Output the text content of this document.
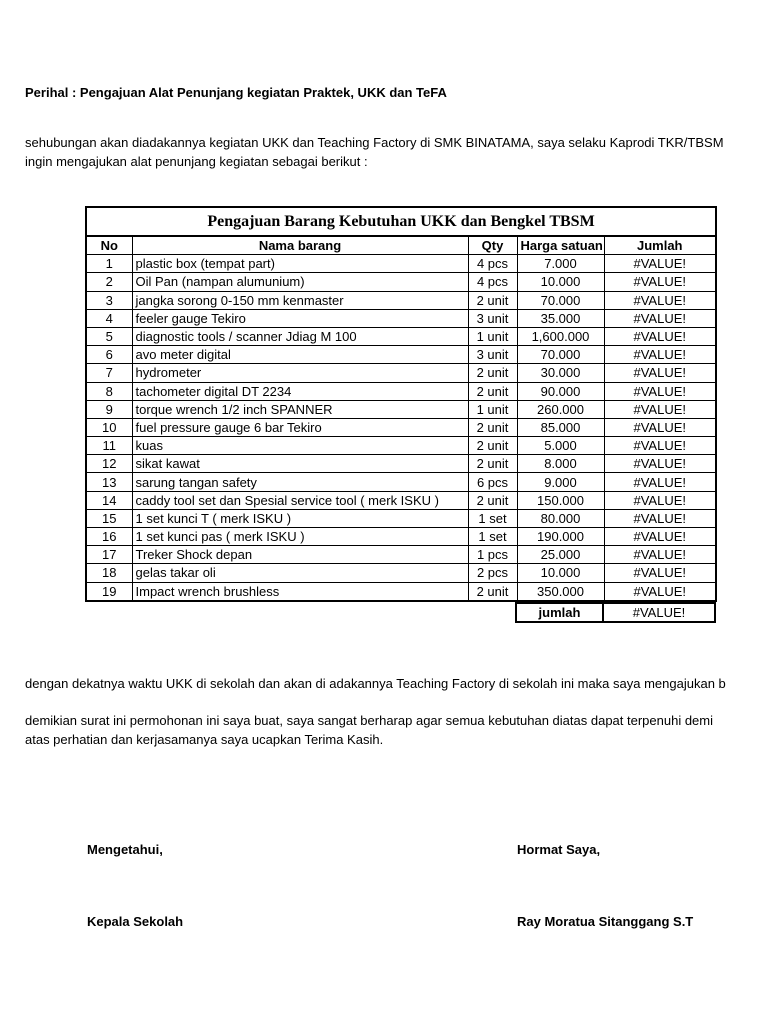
Perihal : Pengajuan Alat Penunjang kegiatan Praktek, UKK dan TeFA
sehubungan akan diadakannya kegiatan UKK dan Teaching Factory di SMK BINATAMA, saya selaku Kaprodi TKR/TBSM
ingin mengajukan alat penunjang kegiatan sebagai berikut :
Pengajuan Barang Kebutuhan UKK dan Bengkel TBSM
No	Nama barang	Qty	Harga satuan	Jumlah
1	plastic box (tempat part)	4 pcs	7.000	#VALUE!
2	Oil Pan (nampan alumunium)	4 pcs	10.000	#VALUE!
3	jangka sorong 0-150 mm kenmaster	2 unit	70.000	#VALUE!
4	feeler gauge Tekiro	3 unit	35.000	#VALUE!
5	diagnostic tools / scanner Jdiag M 100	1 unit	1,600.000	#VALUE!
6	avo meter digital	3 unit	70.000	#VALUE!
7	hydrometer	2 unit	30.000	#VALUE!
8	tachometer digital DT 2234	2 unit	90.000	#VALUE!
9	torque wrench 1/2 inch SPANNER	1 unit	260.000	#VALUE!
10	fuel pressure gauge 6 bar Tekiro	2 unit	85.000	#VALUE!
11	kuas	2 unit	5.000	#VALUE!
12	sikat kawat	2 unit	8.000	#VALUE!
13	sarung tangan safety	6 pcs	9.000	#VALUE!
14	caddy tool set dan Spesial service tool ( merk ISKU )	2 unit	150.000	#VALUE!
15	1 set kunci T ( merk ISKU )	1 set	80.000	#VALUE!
16	1 set kunci pas ( merk ISKU )	1 set	190.000	#VALUE!
17	Treker Shock depan	1 pcs	25.000	#VALUE!
18	gelas takar oli	2 pcs	10.000	#VALUE!
19	Impact wrench brushless	2 unit	350.000	#VALUE!
			jumlah	#VALUE!
dengan dekatnya waktu UKK di sekolah dan akan di adakannya Teaching Factory di sekolah ini maka saya mengajukan b
demikian surat ini permohonan ini saya buat, saya sangat berharap agar semua kebutuhan diatas dapat terpenuhi demi
atas perhatian dan kerjasamanya saya ucapkan Terima Kasih.
Mengetahui,	Hormat Saya,
Kepala Sekolah	Ray Moratua Sitanggang S.T
